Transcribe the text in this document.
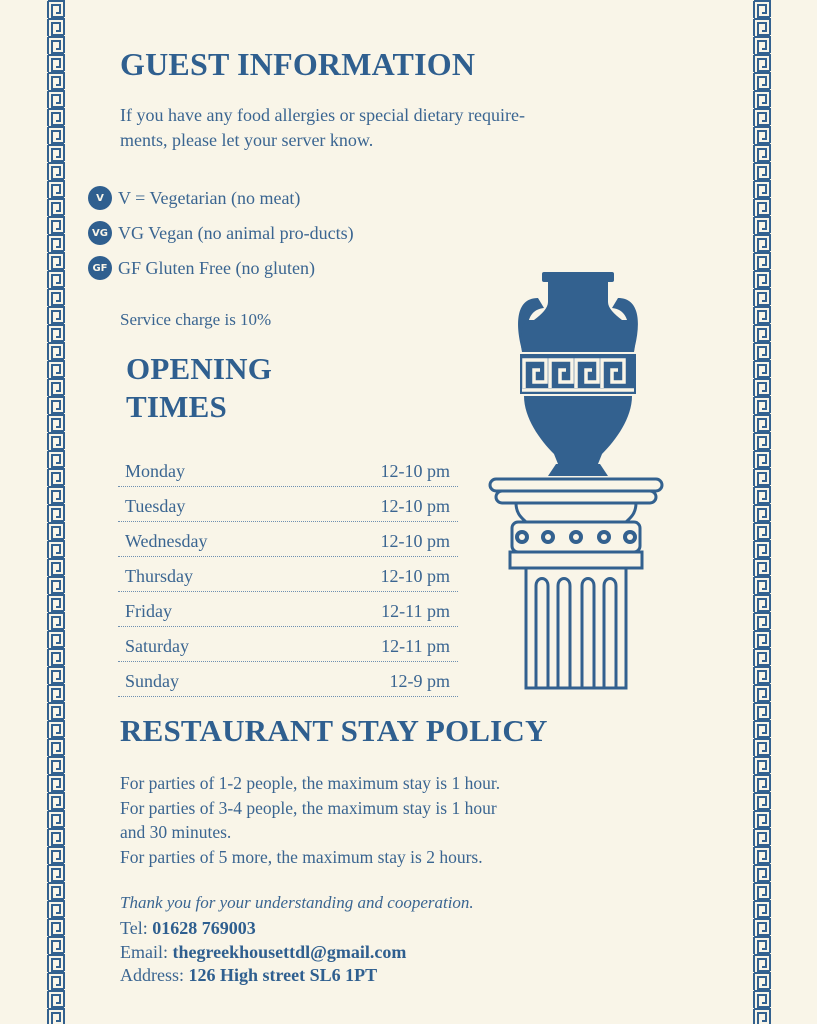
GUEST INFORMATION

If you have any food allergies or special dietary require-
ments, please let your server know.

V V = Vegetarian (no meat)
VG VG Vegan (no animal pro-ducts)
GF GF Gluten Free (no gluten)

Service charge is 10%

OPENING
TIMES
Monday	12-10 pm
Tuesday	12-10 pm
Wednesday	12-10 pm
Thursday	12-10 pm
Friday	12-11 pm
Saturday	12-11 pm
Sunday	12-9 pm
RESTAURANT STAY POLICY

For parties of 1-2 people, the maximum stay is 1 hour.
For parties of 3-4 people, the maximum stay is 1 hour
and 30 minutes.
For parties of 5 more, the maximum stay is 2 hours.

Thank you for your understanding and cooperation.

Tel: 01628 769003

Email: thegreekhousettdl@gmail.com

Address: 126 High street SL6 1PT
